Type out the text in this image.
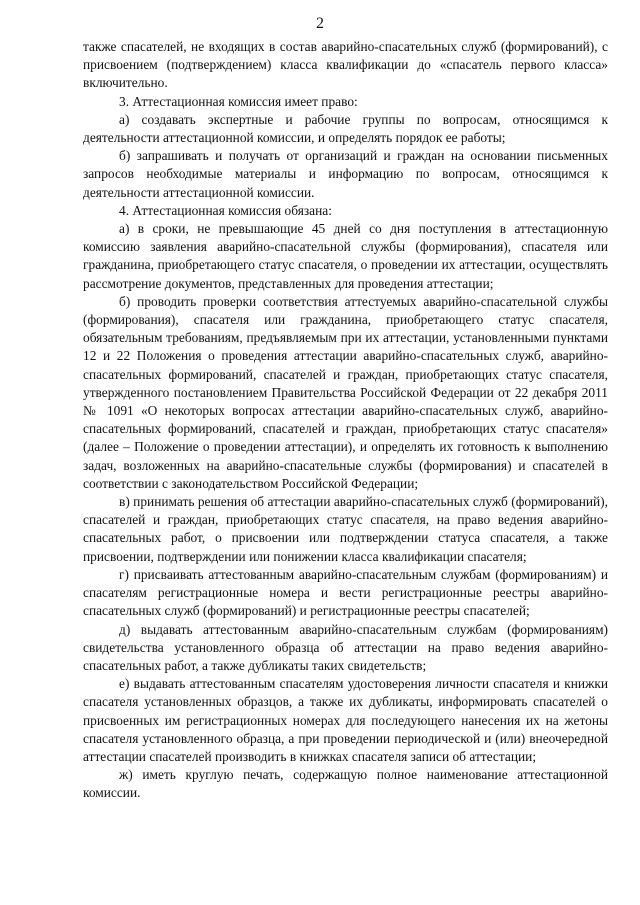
2

также спасателей, не входящих в состав аварийно-спасательных служб (формирований), с присвоением (подтверждением) класса квалификации до «спасатель первого класса» включительно.

3. Аттестационная комиссия имеет право:

а) создавать экспертные и рабочие группы по вопросам, относящимся к деятельности аттестационной комиссии, и определять порядок ее работы;

б) запрашивать и получать от организаций и граждан на основании письменных запросов необходимые материалы и информацию по вопросам, относящимся к деятельности аттестационной комиссии.

4. Аттестационная комиссия обязана:

а) в сроки, не превышающие 45 дней со дня поступления в аттестационную комиссию заявления аварийно-спасательной службы (формирования), спасателя или гражданина, приобретающего статус спасателя, о проведении их аттестации, осуществлять рассмотрение документов, представленных для проведения аттестации;

б) проводить проверки соответствия аттестуемых аварийно-спасательной службы (формирования), спасателя или гражданина, приобретающего статус спасателя, обязательным требованиям, предъявляемым при их аттестации, установленными пунктами 12 и 22 Положения о проведения аттестации аварийно-спасательных служб, аварийно-спасательных формирований, спасателей и граждан, приобретающих статус спасателя, утвержденного постановлением Правительства Российской Федерации от 22 декабря 2011 № 1091 «О некоторых вопросах аттестации аварийно-спасательных служб, аварийно-спасательных формирований, спасателей и граждан, приобретающих статус спасателя» (далее – Положение о проведении аттестации), и определять их готовность к выполнению задач, возложенных на аварийно-спасательные службы (формирования) и спасателей в соответствии с законодательством Российской Федерации;

в) принимать решения об аттестации аварийно-спасательных служб (формирований), спасателей и граждан, приобретающих статус спасателя, на право ведения аварийно-спасательных работ, о присвоении или подтверждении статуса спасателя, а также присвоении, подтверждении или понижении класса квалификации спасателя;

г) присваивать аттестованным аварийно-спасательным службам (формированиям) и спасателям регистрационные номера и вести регистрационные реестры аварийно-спасательных служб (формирований) и регистрационные реестры спасателей;

д) выдавать аттестованным аварийно-спасательным службам (формированиям) свидетельства установленного образца об аттестации на право ведения аварийно-спасательных работ, а также дубликаты таких свидетельств;

е) выдавать аттестованным спасателям удостоверения личности спасателя и книжки спасателя установленных образцов, а также их дубликаты, информировать спасателей о присвоенных им регистрационных номерах для последующего нанесения их на жетоны спасателя установленного образца, а при проведении периодической и (или) внеочередной аттестации спасателей производить в книжках спасателя записи об аттестации;

ж) иметь круглую печать, содержащую полное наименование аттестационной комиссии.
